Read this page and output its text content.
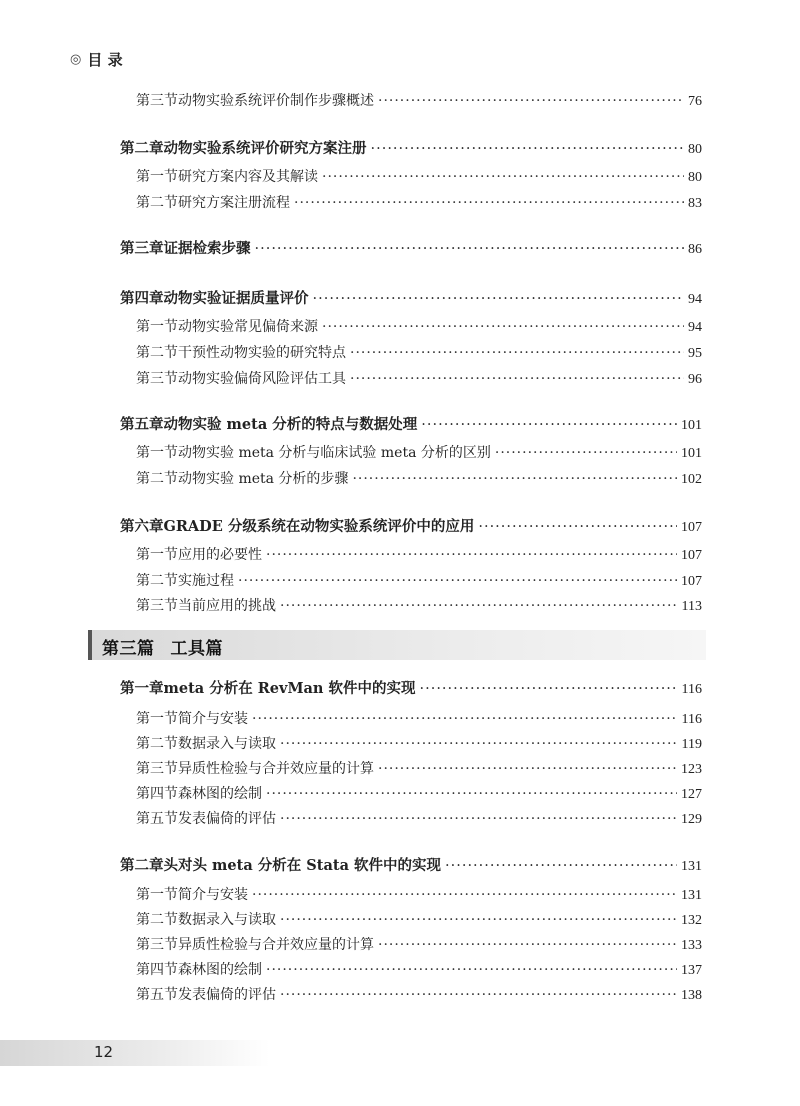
◎ 目 录
第三节 动物实验系统评价制作步骤概述 ·····	76
第二章 动物实验系统评价研究方案注册 ·····	80
第一节 研究方案内容及其解读 ·····	80
第二节 研究方案注册流程 ·····	83
第三章 证据检索步骤 ·····	86
第四章 动物实验证据质量评价 ·····	94
第一节 动物实验常见偏倚来源 ·····	94
第二节 干预性动物实验的研究特点 ·····	95
第三节 动物实验偏倚风险评估工具 ·····	96
第五章 动物实验 meta 分析的特点与数据处理 ·····	101
第一节 动物实验 meta 分析与临床试验 meta 分析的区别 ·····	101
第二节 动物实验 meta 分析的步骤 ·····	102
第六章 GRADE 分级系统在动物实验系统评价中的应用 ·····	107
第一节 应用的必要性 ·····	107
第二节 实施过程 ·····	107
第三节 当前应用的挑战 ·····	113
第一章 meta 分析在 RevMan 软件中的实现 ·····	116
第一节 简介与安装 ·····	116
第二节 数据录入与读取 ·····	119
第三节 异质性检验与合并效应量的计算 ·····	123
第四节 森林图的绘制 ·····	127
第五节 发表偏倚的评估 ·····	129
第二章 头对头 meta 分析在 Stata 软件中的实现 ·····	131
第一节 简介与安装 ·····	131
第二节 数据录入与读取 ·····	132
第三节 异质性检验与合并效应量的计算 ·····	133
第四节 森林图的绘制 ·····	137
第五节 发表偏倚的评估 ·····	138
第三篇 工具篇
12
